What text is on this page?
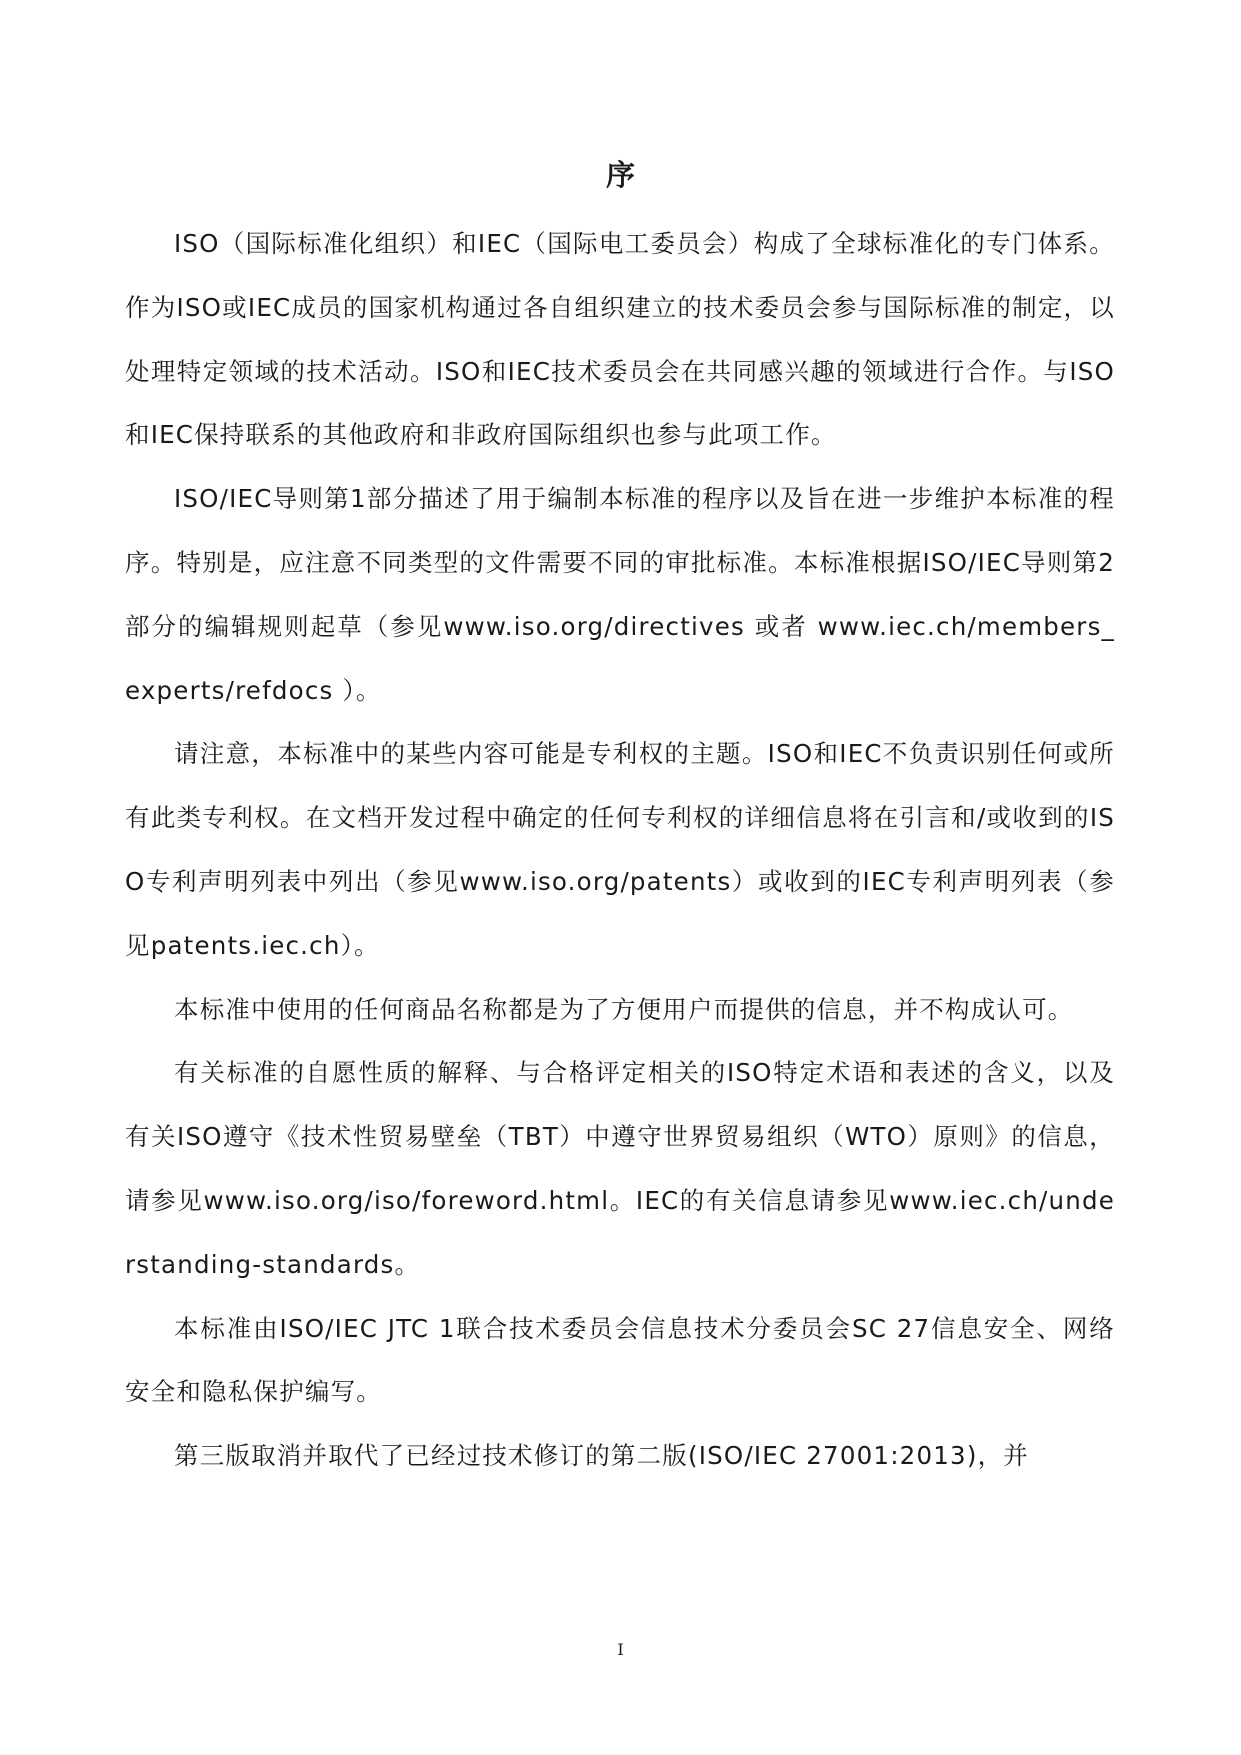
序

ISO（国际标准化组织）和IEC（国际电工委员会）构成了全球标准化的专门体系。作为ISO或IEC成员的国家机构通过各自组织建立的技术委员会参与国际标准的制定，以处理特定领域的技术活动。ISO和IEC技术委员会在共同感兴趣的领域进行合作。与ISO和IEC保持联系的其他政府和非政府国际组织也参与此项工作。

ISO/IEC导则第1部分描述了用于编制本标准的程序以及旨在进一步维护本标准的程序。特别是，应注意不同类型的文件需要不同的审批标准。本标准根据ISO/IEC导则第2部分的编辑规则起草（参见www.iso.org/directives 或者 www.iec.ch/members_experts/refdocs ）。

请注意，本标准中的某些内容可能是专利权的主题。ISO和IEC不负责识别任何或所有此类专利权。在文档开发过程中确定的任何专利权的详细信息将在引言和/或收到的ISO专利声明列表中列出（参见www.iso.org/patents）或收到的IEC专利声明列表（参见patents.iec.ch）。

本标准中使用的任何商品名称都是为了方便用户而提供的信息，并不构成认可。

有关标准的自愿性质的解释、与合格评定相关的ISO特定术语和表述的含义，以及有关ISO遵守《技术性贸易壁垒（TBT）中遵守世界贸易组织（WTO）原则》的信息，请参见www.iso.org/iso/foreword.html。IEC的有关信息请参见www.iec.ch/understanding-standards。

本标准由ISO/IEC JTC 1联合技术委员会信息技术分委员会SC 27信息安全、网络安全和隐私保护编写。

第三版取消并取代了已经过技术修订的第二版(ISO/IEC 27001:2013)，并

I
